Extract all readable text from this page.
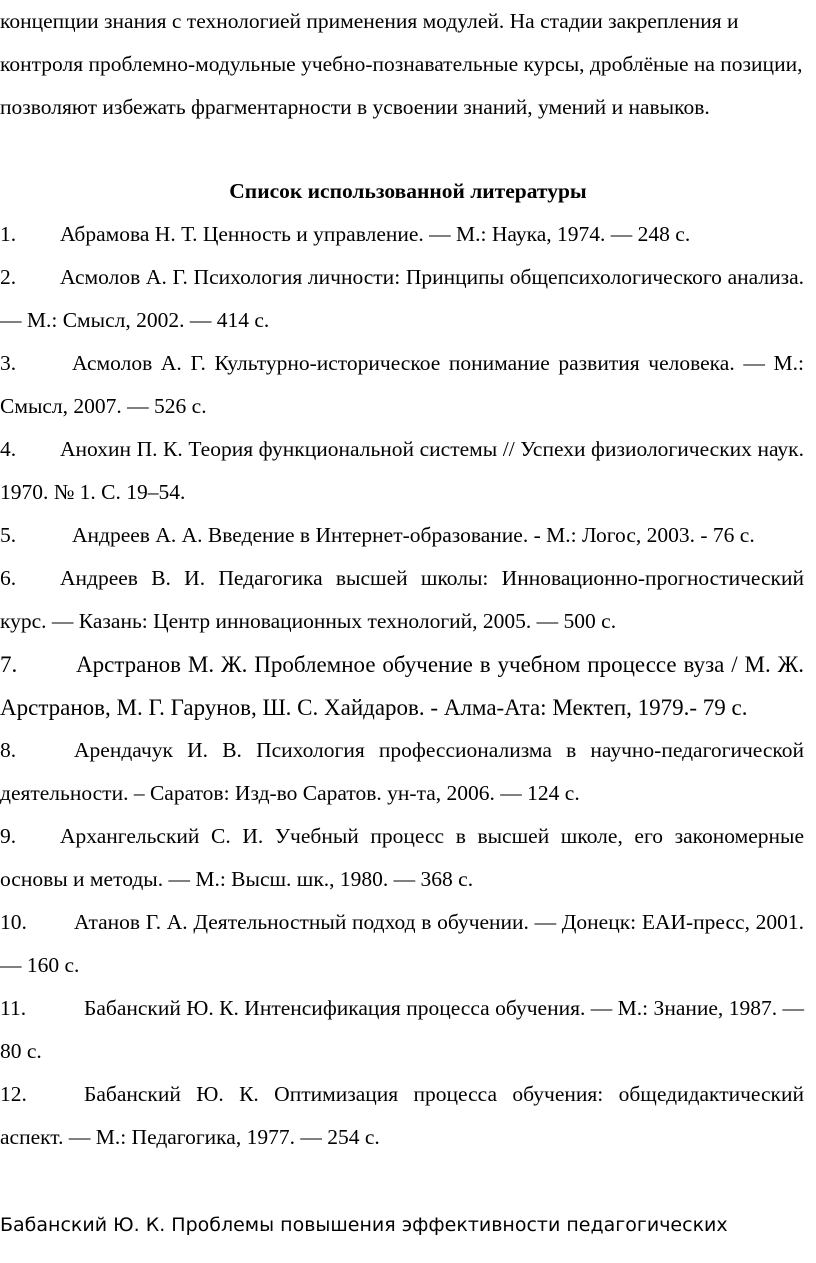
концепции знания с технологией применения модулей. На стадии закрепления и
контроля проблемно-модульные учебно-познавательные курсы, дроблёные на позиции,
позволяют избежать фрагментарности в усвоении знаний, умений и навыков.

Список использованной литературы
1. Абрамова Н. Т. Ценность и управление. — М.: Наука, 1974. — 248 с.
2. Асмолов А. Г. Психология личности: Принципы общепсихологического анализа. — М.: Смысл, 2002. — 414 с.
3.	Асмолов А. Г. Культурно-историческое понимание развития человека. — М.: Смысл, 2007. — 526 с.
4. Анохин П. К. Теория функциональной системы // Успехи физиологических наук. 1970. № 1. С. 19–54.
5.	Андреев А. А. Введение в Интернет-образование. - М.: Логос, 2003. - 76 с.
6. Андреев В. И. Педагогика высшей школы: Инновационно-прогностический курс. — Казань: Центр инновационных технологий, 2005. — 500 с.
7.	Арстранов М. Ж. Проблемное обучение в учебном процессе вуза / М. Ж. Арстранов, М. Г. Гарунов, Ш. С. Хайдаров. - Алма-Ата: Мектеп, 1979.- 79 с.
8.	Арендачук И. В. Психология профессионализма в научно-педагогической деятельности. – Саратов: Изд-во Саратов. ун-та, 2006. — 124 с.
9. Архангельский С. И. Учебный процесс в высшей школе, его закономерные основы и методы. — М.: Высш. шк., 1980. — 368 с.
10. Атанов Г. А. Деятельностный подход в обучении. — Донецк: ЕАИ-пресс, 2001. — 160 с.
11.	Бабанский Ю. К. Интенсификация процесса обучения. — М.: Знание, 1987. — 80 с.
12.	Бабанский Ю. К. Оптимизация процесса обучения: общедидактический аспект. — М.: Педагогика, 1977. — 254 с.

Бабанский Ю. К. Проблемы повышения эффективности педагогических
